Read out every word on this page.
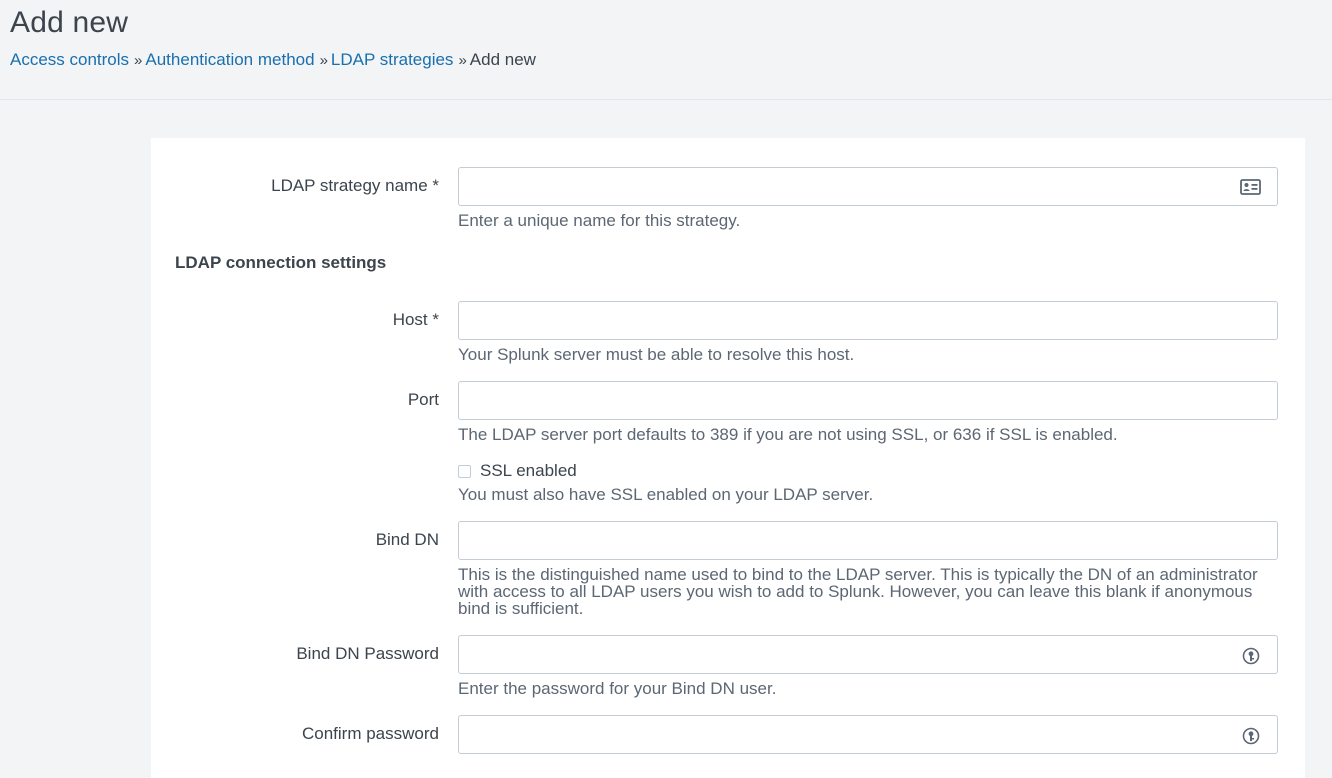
Add new
Access controls » Authentication method » LDAP strategies » Add new
LDAP strategy name *
Enter a unique name for this strategy.
LDAP connection settings
Host *
Your Splunk server must be able to resolve this host.
Port
The LDAP server port defaults to 389 if you are not using SSL, or 636 if SSL is enabled.
SSL enabled
You must also have SSL enabled on your LDAP server.
Bind DN
This is the distinguished name used to bind to the LDAP server. This is typically the DN of an administrator with access to all LDAP users you wish to add to Splunk. However, you can leave this blank if anonymous bind is sufficient.
Bind DN Password
Enter the password for your Bind DN user.
Confirm password
